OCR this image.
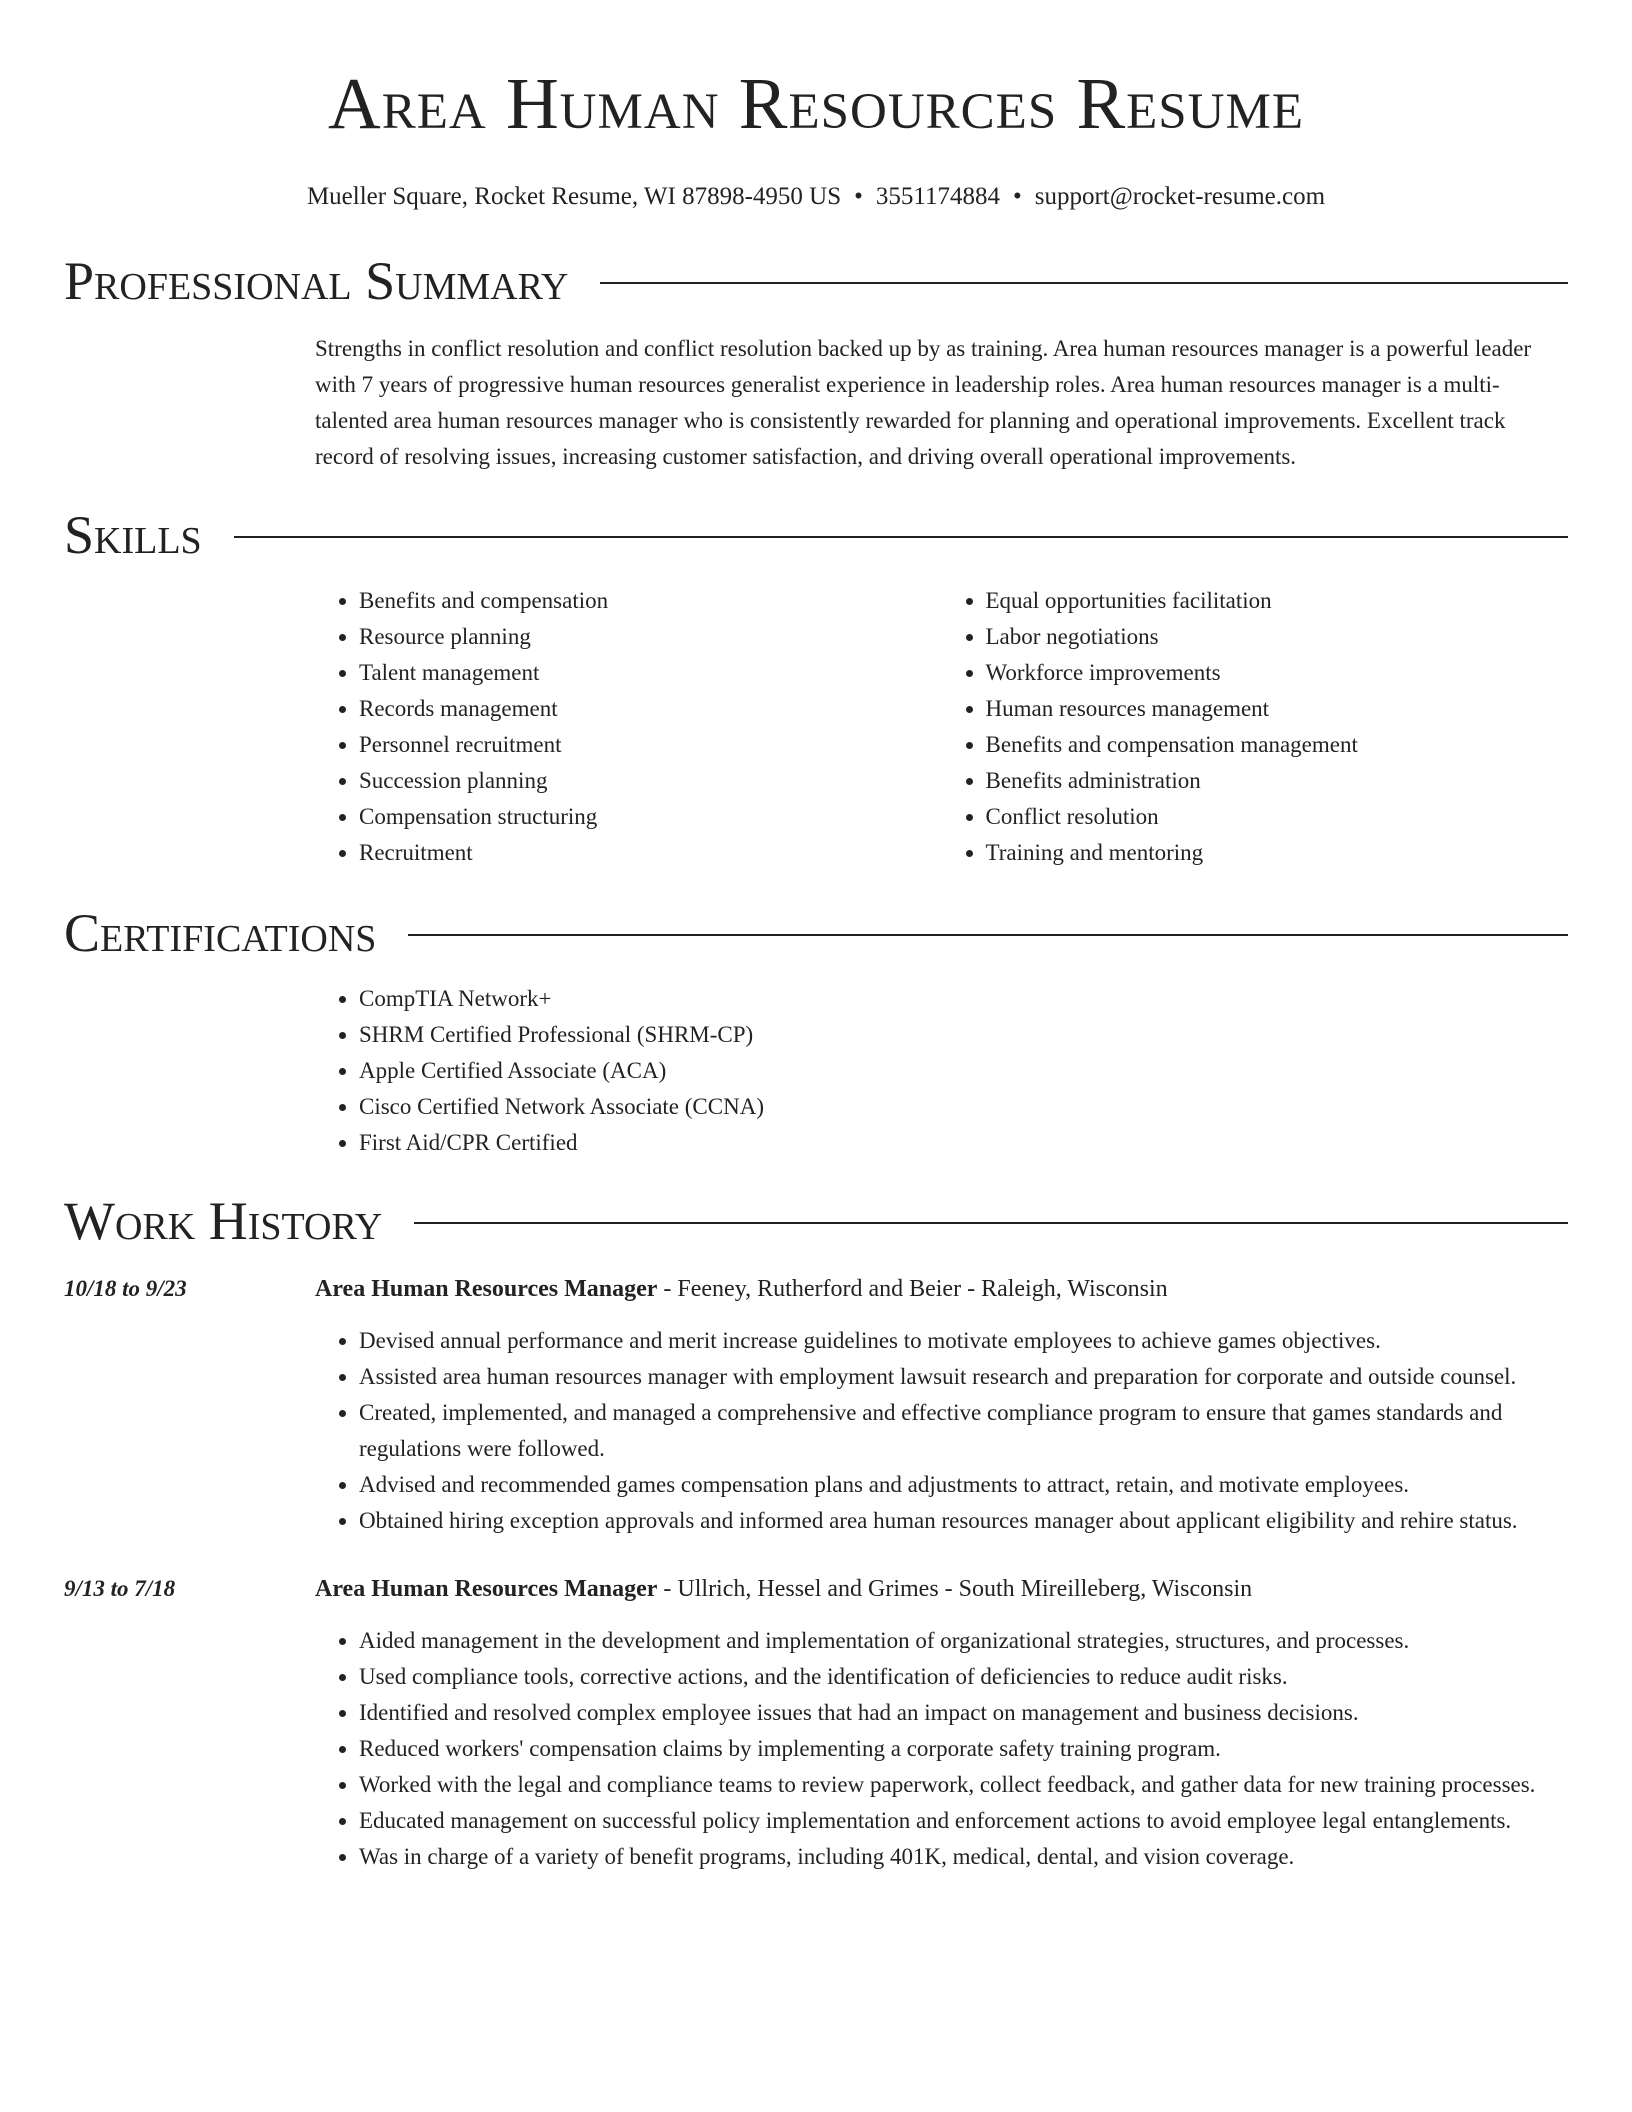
Area Human Resources Resume
Mueller Square, Rocket Resume, WI 87898-4950 US • 3551174884 • support@rocket-resume.com
Professional Summary
Strengths in conflict resolution and conflict resolution backed up by as training. Area human resources manager is a powerful leader with 7 years of progressive human resources generalist experience in leadership roles. Area human resources manager is a multi-talented area human resources manager who is consistently rewarded for planning and operational improvements. Excellent track record of resolving issues, increasing customer satisfaction, and driving overall operational improvements.
Skills
• Benefits and compensation
• Resource planning
• Talent management
• Records management
• Personnel recruitment
• Succession planning
• Compensation structuring
• Recruitment
• Equal opportunities facilitation
• Labor negotiations
• Workforce improvements
• Human resources management
• Benefits and compensation management
• Benefits administration
• Conflict resolution
• Training and mentoring
Certifications
• CompTIA Network+
• SHRM Certified Professional (SHRM-CP)
• Apple Certified Associate (ACA)
• Cisco Certified Network Associate (CCNA)
• First Aid/CPR Certified
Work History
10/18 to 9/23	Area Human Resources Manager - Feeney, Rutherford and Beier - Raleigh, Wisconsin
• Devised annual performance and merit increase guidelines to motivate employees to achieve games objectives.
• Assisted area human resources manager with employment lawsuit research and preparation for corporate and outside counsel.
• Created, implemented, and managed a comprehensive and effective compliance program to ensure that games standards and regulations were followed.
• Advised and recommended games compensation plans and adjustments to attract, retain, and motivate employees.
• Obtained hiring exception approvals and informed area human resources manager about applicant eligibility and rehire status.
9/13 to 7/18	Area Human Resources Manager - Ullrich, Hessel and Grimes - South Mireilleberg, Wisconsin
• Aided management in the development and implementation of organizational strategies, structures, and processes.
• Used compliance tools, corrective actions, and the identification of deficiencies to reduce audit risks.
• Identified and resolved complex employee issues that had an impact on management and business decisions.
• Reduced workers' compensation claims by implementing a corporate safety training program.
• Worked with the legal and compliance teams to review paperwork, collect feedback, and gather data for new training processes.
• Educated management on successful policy implementation and enforcement actions to avoid employee legal entanglements.
• Was in charge of a variety of benefit programs, including 401K, medical, dental, and vision coverage.
